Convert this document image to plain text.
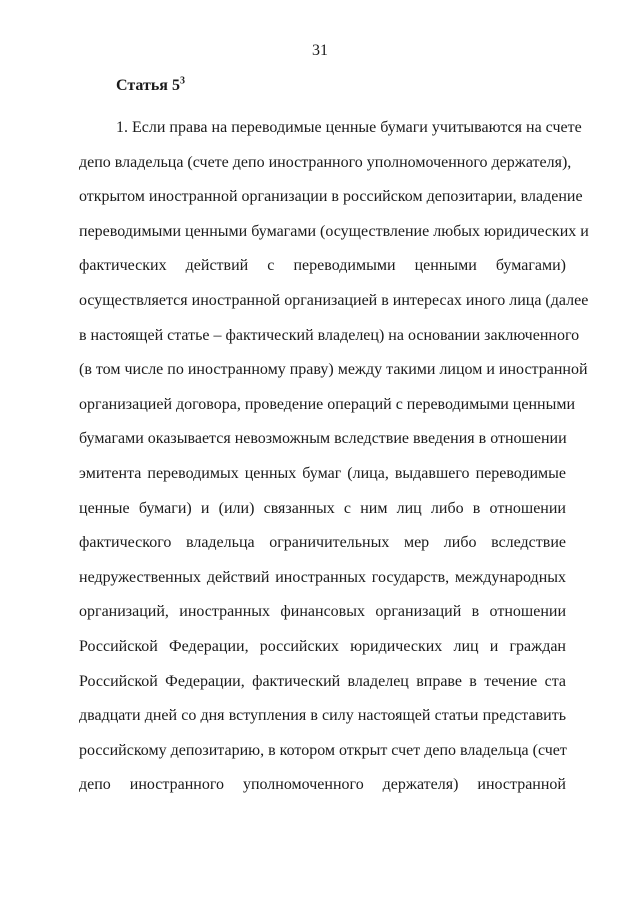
31
Статья $5^3$
1. Если права на переводимые ценные бумаги учитываются на счете
депо владельца (счете депо иностранного уполномоченного держателя),
открытом иностранной организации в российском депозитарии, владение
переводимыми ценными бумагами (осуществление любых юридических и
фактических действий с переводимыми ценными бумагами)
осуществляется иностранной организацией в интересах иного лица (далее
в настоящей статье – фактический владелец) на основании заключенного
(в том числе по иностранному праву) между такими лицом и иностранной
организацией договора, проведение операций с переводимыми ценными
бумагами оказывается невозможным вследствие введения в отношении
эмитента переводимых ценных бумаг (лица, выдавшего переводимые
ценные бумаги) и (или) связанных с ним лиц либо в отношении
фактического владельца ограничительных мер либо вследствие
недружественных действий иностранных государств, международных
организаций, иностранных финансовых организаций в отношении
Российской Федерации, российских юридических лиц и граждан
Российской Федерации, фактический владелец вправе в течение ста
двадцати дней со дня вступления в силу настоящей статьи представить
российскому депозитарию, в котором открыт счет депо владельца (счет
депо иностранного уполномоченного держателя) иностранной
